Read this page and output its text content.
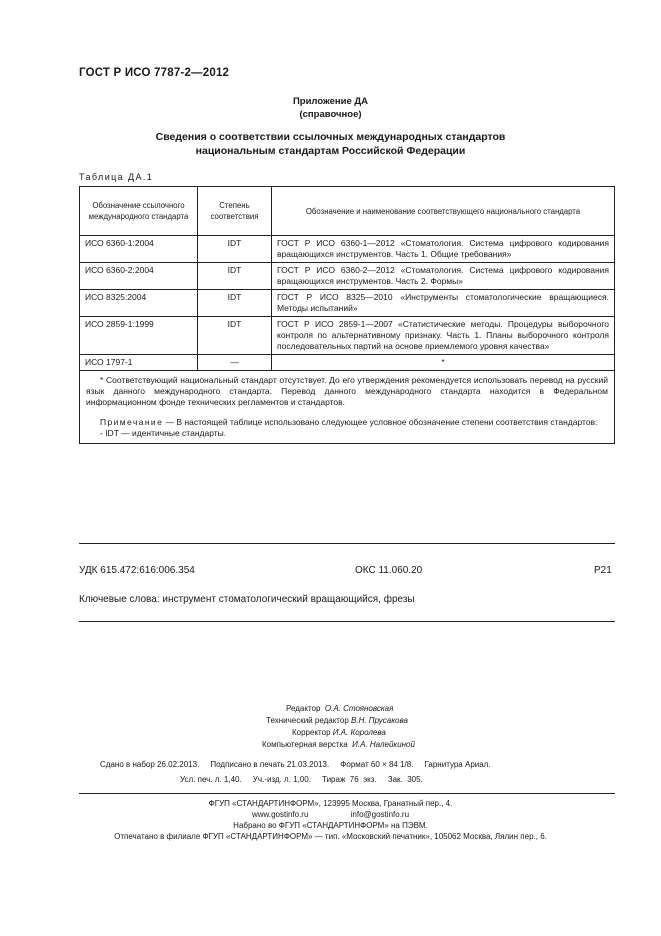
ГОСТ Р ИСО 7787-2—2012
Приложение ДА
(справочное)
Сведения о соответствии ссылочных международных стандартов
национальным стандартам Российской Федерации
Таблица ДА.1
Обозначение ссылочного международного стандарта	Степень соответствия	Обозначение и наименование соответствующего национального стандарта
ИСО 6360-1:2004	IDT	ГОСТ Р ИСО 6360-1—2012 «Стоматология. Система цифрового кодирования вращающихся инструментов. Часть 1. Общие требования»
ИСО 6360-2:2004	IDT	ГОСТ Р ИСО 6360-2—2012 «Стоматология. Система цифрового кодирования вращающихся инструментов. Часть 2. Формы»
ИСО 8325:2004	IDT	ГОСТ Р ИСО 8325—2010 «Инструменты стоматологические вращающиеся. Методы испытаний»
ИСО 2859-1:1999	IDT	ГОСТ Р ИСО 2859-1—2007 «Статистические методы. Процедуры выборочного контроля по альтернативному признаку. Часть 1. Планы выборочного контроля последовательных партий на основе приемлемого уровня качества»
ИСО 1797-1	—	*

* Соответствующий национальный стандарт отсутствует. До его утверждения рекомендуется использовать перевод на русский язык данного международного стандарта. Перевод данного международного стандарта находится в Федеральном информационном фонде технических регламентов и стандартов.

Примечание — В настоящей таблице использовано следующее условное обозначение степени соответствия стандартов:

- IDT — идентичные стандарты.		

УДК 615.472:616:006.354	ОКС 11.060.20	Р21
Ключевые слова: инструмент стоматологический вращающийся, фрезы
Редактор О.А. Стояновская
Технический редактор В.Н. Прусакова
Корректор И.А. Королева
Компьютерная верстка И.А. Налейкиной
Сдано в набор 26.02.2013.     Подписано в печать 21.03.2013.     Формат 60 × 84 1/8.     Гарнитура Ариал.
Усл. печ. л. 1,40.     Уч.-изд. л. 1,00.     Тираж  76  экз.     Зак.  305.
ФГУП «СТАНДАРТИНФОРМ», 123995 Москва, Гранатный пер., 4.
www.gostinfo.ru                   info@gostinfo.ru
Набрано во ФГУП «СТАНДАРТИНФОРМ» на ПЭВМ.
Отпечатано в филиале ФГУП «СТАНДАРТИНФОРМ» — тип. «Московский печатник», 105062 Москва, Лялин пер., 6.
